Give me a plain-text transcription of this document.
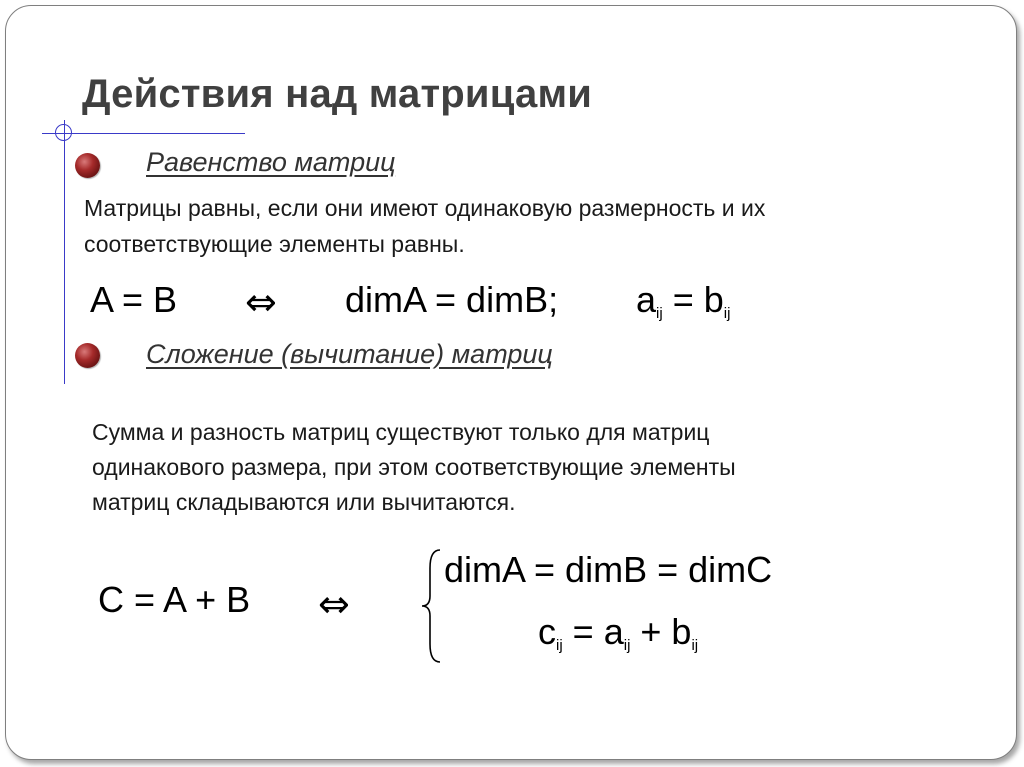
Действия над матрицами
Равенство матриц
Матрицы равны, если они имеют одинаковую размерность и их
соответствующие элементы равны.
A = B ⇔ dimA = dimB; $a_{ij} = b_{ij}$
Сложение (вычитание) матриц
Сумма и разность матриц существуют только для матриц
одинакового размера, при этом соответствующие элементы
матриц складываются или вычитаются.
C = A + B ⇔
dimA = dimB = dimC
$c_{ij} = a_{ij} + b_{ij}$
